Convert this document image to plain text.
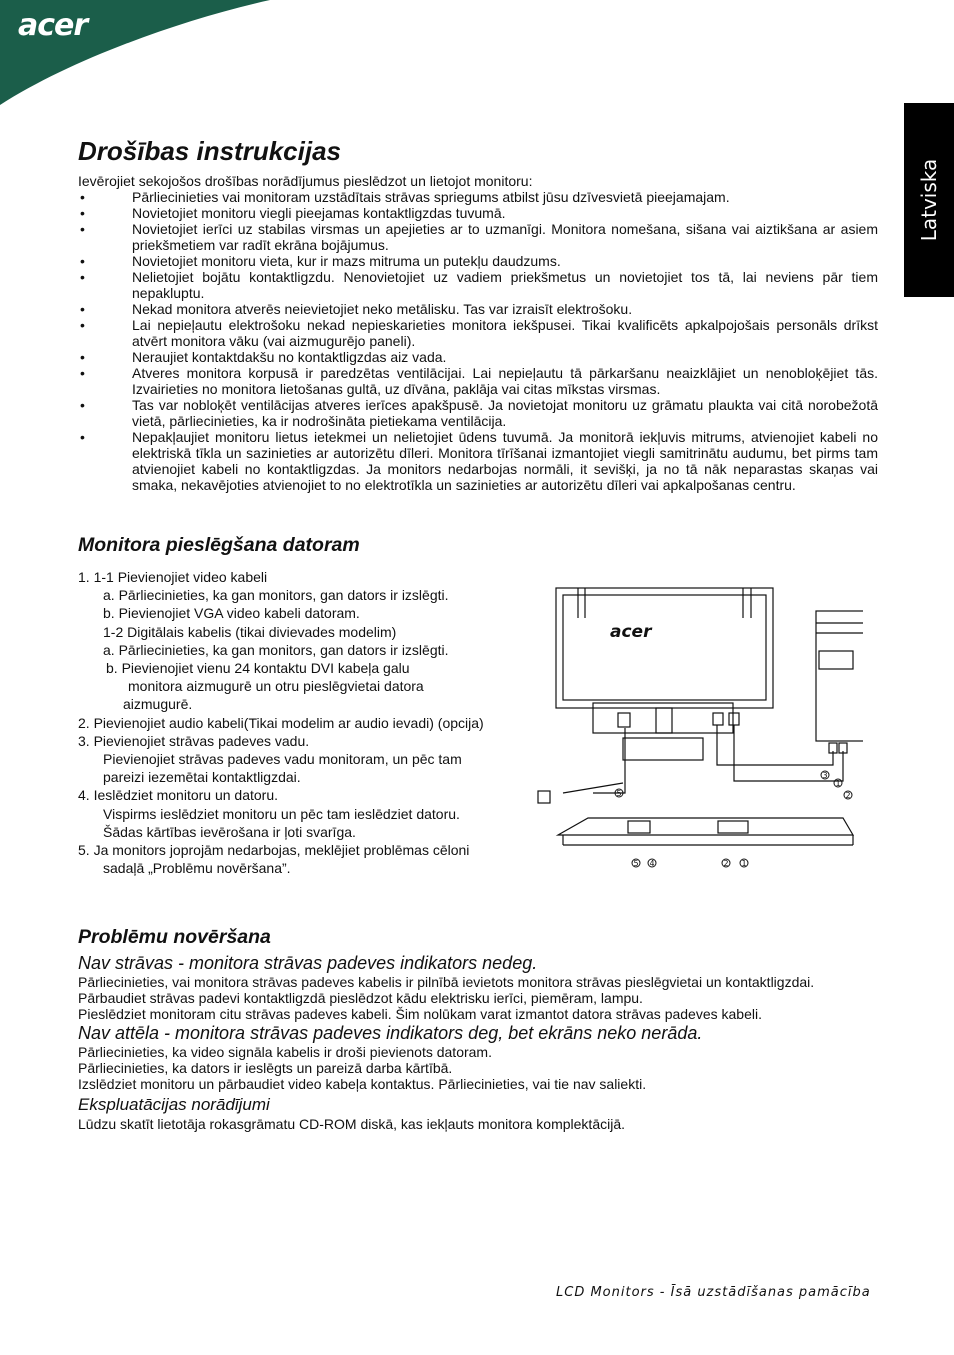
acer
Latviska
Drošības instrukcijas
Ievērojiet sekojošos drošības norādījumus pieslēdzot un lietojot monitoru:
• Pārliecinieties vai monitoram uzstādītais strāvas spriegums atbilst jūsu dzīvesvietā pieejamajam.
• Novietojiet monitoru viegli pieejamas kontaktligzdas tuvumā.
• Novietojiet ierīci uz stabilas virsmas un apejieties ar to uzmanīgi. Monitora nomešana, sišana vai aiztikšana ar asiem priekšmetiem var radīt ekrāna bojājumus.
• Novietojiet monitoru vieta, kur ir mazs mitruma un putekļu daudzums.
• Nelietojiet bojātu kontaktligzdu. Nenovietojiet uz vadiem priekšmetus un novietojiet tos tā, lai neviens pār tiem nepakluptu.
• Nekad monitora atverēs neievietojiet neko metālisku. Tas var izraisīt elektrošoku.
• Lai nepieļautu elektrošoku nekad nepieskarieties monitora iekšpusei. Tikai kvalificēts apkalpojošais personāls drīkst atvērt monitora vāku (vai aizmugurējo paneli).
• Neraujiet kontaktdakšu no kontaktligzdas aiz vada.
• Atveres monitora korpusā ir paredzētas ventilācijai. Lai nepieļautu tā pārkaršanu neaizklājiet un nenobloķējiet tās. Izvairieties no monitora lietošanas gultā, uz dīvāna, paklāja vai citas mīkstas virsmas.
• Tas var nobloķēt ventilācijas atveres ierīces apakšpusē. Ja novietojat monitoru uz grāmatu plaukta vai citā norobežotā vietā, pārliecinieties, ka ir nodrošināta pietiekama ventilācija.
• Nepakļaujiet monitoru lietus ietekmei un nelietojiet ūdens tuvumā. Ja monitorā iekļuvis mitrums, atvienojiet kabeli no elektriskā tīkla un sazinieties ar autorizētu dīleri. Monitora tīrīšanai izmantojiet viegli samitrinātu audumu, bet pirms tam atvienojiet kabeli no kontaktligzdas. Ja monitors nedarbojas normāli, it sevišķi, ja no tā nāk neparastas skaņas vai smaka, nekavējoties atvienojiet to no elektrotīkla un sazinieties ar autorizētu dīleri vai apkalpošanas centru.
Monitora pieslēgšana datoram
1. 1-1 Pievienojiet video kabeli
a. Pārliecinieties, ka gan monitors, gan dators ir izslēgti.
b. Pievienojiet VGA video kabeli datoram.
1-2 Digitālais kabelis (tikai divievades modelim)
a. Pārliecinieties, ka gan monitors, gan dators ir izslēgti.
b. Pievienojiet vienu 24 kontaktu DVI kabeļa galu
monitora aizmugurē un otru pieslēgvietai datora
aizmugurē.
2. Pievienojiet audio kabeli(Tikai modelim ar audio ievadi) (opcija)
3. Pievienojiet strāvas padeves vadu.
Pievienojiet strāvas padeves vadu monitoram, un pēc tam
pareizi iezemētai kontaktligzdai.
4. Ieslēdziet monitoru un datoru.
Vispirms ieslēdziet monitoru un pēc tam ieslēdziet datoru.
Šādas kārtības ievērošana ir ļoti svarīga.
5. Ja monitors joprojām nedarbojas, meklējiet problēmas cēloni
sadaļā „Problēmu novēršana”.
acer
5
3
1
2
5 4	2 1
Problēmu novēršana
Nav strāvas - monitora strāvas padeves indikators nedeg.
Pārliecinieties, vai monitora strāvas padeves kabelis ir pilnībā ievietots monitora strāvas pieslēgvietai un kontaktligzdai.
Pārbaudiet strāvas padevi kontaktligzdā pieslēdzot kādu elektrisku ierīci, piemēram, lampu.
Pieslēdziet monitoram citu strāvas padeves kabeli. Šim nolūkam varat izmantot datora strāvas padeves kabeli.
Nav attēla - monitora strāvas padeves indikators deg, bet ekrāns neko nerāda.
Pārliecinieties, ka video signāla kabelis ir droši pievienots datoram.
Pārliecinieties, ka dators ir ieslēgts un pareizā darba kārtībā.
Izslēdziet monitoru un pārbaudiet video kabeļa kontaktus. Pārliecinieties, vai tie nav saliekti.
Ekspluatācijas norādījumi
Lūdzu skatīt lietotāja rokasgrāmatu CD-ROM diskā, kas iekļauts monitora komplektācijā.
LCD Monitors - Īsā uzstādīšanas pamācība
